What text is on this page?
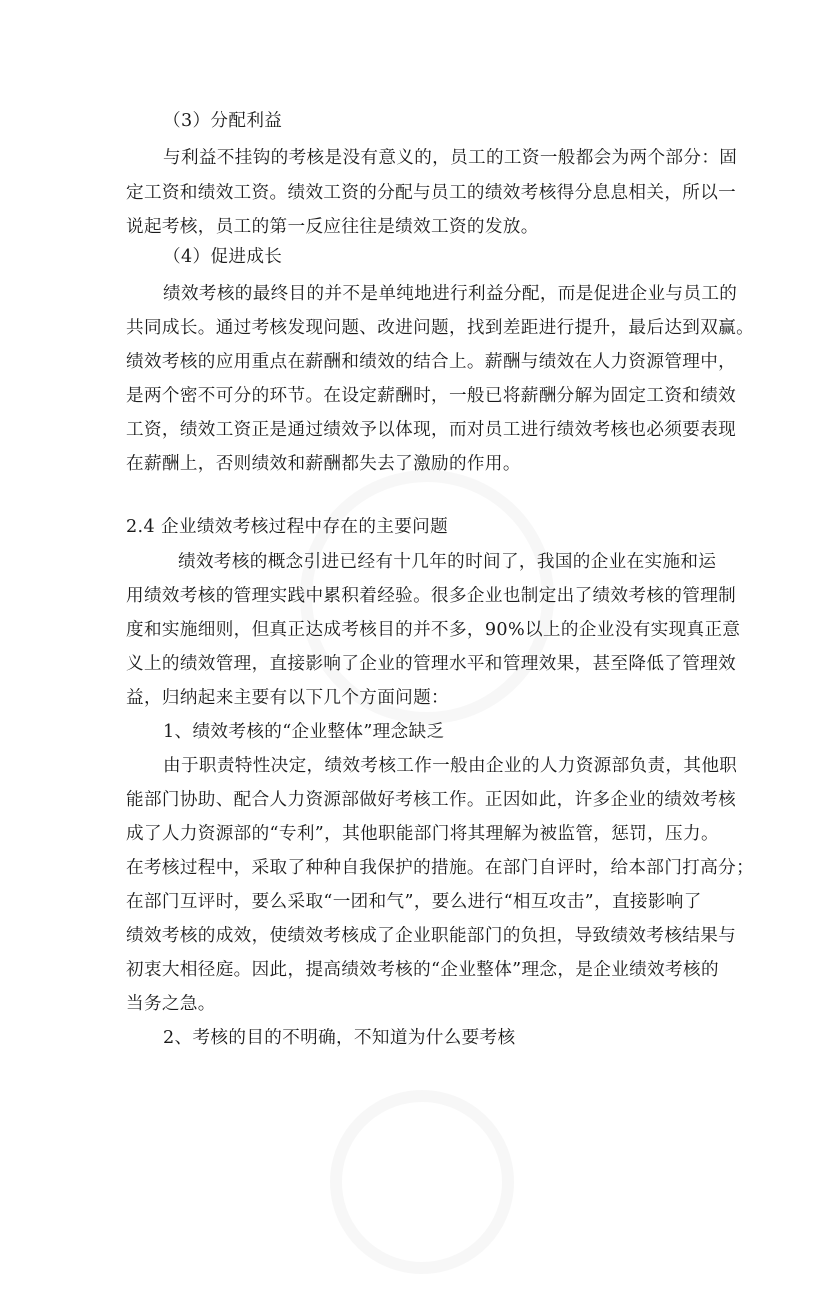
（3）分配利益
与利益不挂钩的考核是没有意义的，员工的工资一般都会为两个部分：固
定工资和绩效工资。绩效工资的分配与员工的绩效考核得分息息相关，所以一
说起考核，员工的第一反应往往是绩效工资的发放。
（4）促进成长
绩效考核的最终目的并不是单纯地进行利益分配，而是促进企业与员工的
共同成长。通过考核发现问题、改进问题，找到差距进行提升，最后达到双赢。
绩效考核的应用重点在薪酬和绩效的结合上。薪酬与绩效在人力资源管理中，
是两个密不可分的环节。在设定薪酬时，一般已将薪酬分解为固定工资和绩效
工资，绩效工资正是通过绩效予以体现，而对员工进行绩效考核也必须要表现
在薪酬上，否则绩效和薪酬都失去了激励的作用。
2.4 企业绩效考核过程中存在的主要问题
绩效考核的概念引进已经有十几年的时间了，我国的企业在实施和运
用绩效考核的管理实践中累积着经验。很多企业也制定出了绩效考核的管理制
度和实施细则，但真正达成考核目的并不多，90%以上的企业没有实现真正意
义上的绩效管理，直接影响了企业的管理水平和管理效果，甚至降低了管理效
益，归纳起来主要有以下几个方面问题：
1、绩效考核的“企业整体”理念缺乏
由于职责特性决定，绩效考核工作一般由企业的人力资源部负责，其他职
能部门协助、配合人力资源部做好考核工作。正因如此，许多企业的绩效考核
成了人力资源部的“专利”，其他职能部门将其理解为被监管，惩罚，压力。
在考核过程中，采取了种种自我保护的措施。在部门自评时，给本部门打高分；
在部门互评时，要么采取“一团和气”，要么进行“相互攻击”，直接影响了
绩效考核的成效，使绩效考核成了企业职能部门的负担，导致绩效考核结果与
初衷大相径庭。因此，提高绩效考核的“企业整体”理念，是企业绩效考核的
当务之急。
2、考核的目的不明确，不知道为什么要考核
